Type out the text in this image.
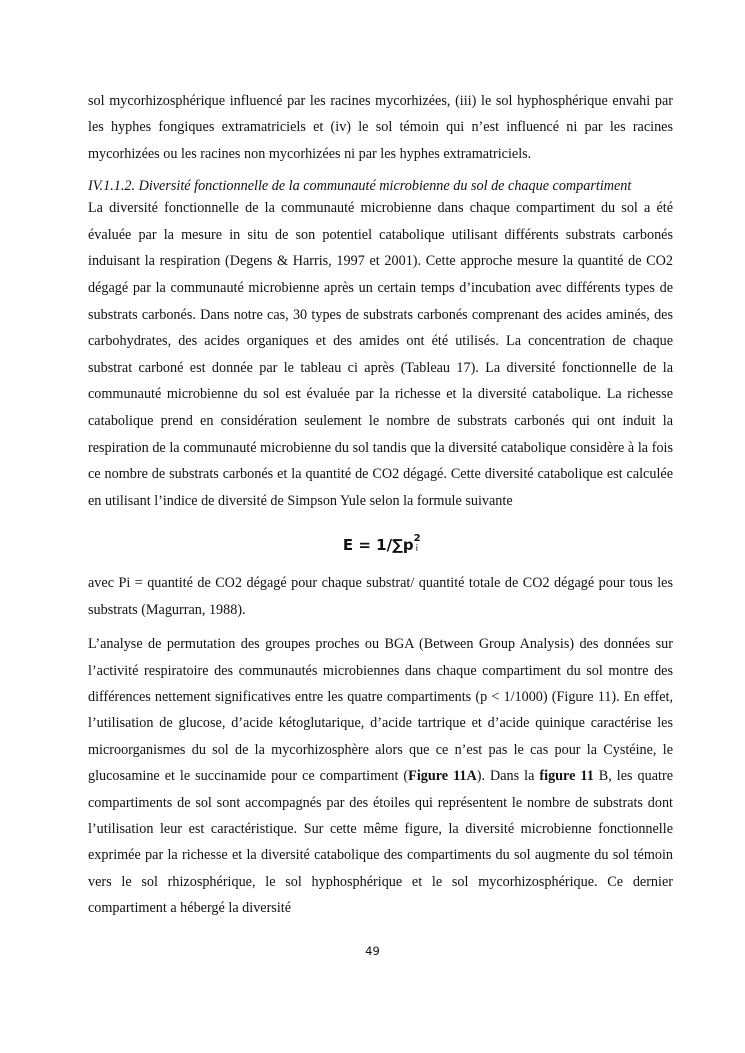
sol mycorhizosphérique influencé par les racines mycorhizées, (iii) le sol hyphosphérique envahi par les hyphes fongiques extramatriciels et (iv) le sol témoin qui n’est influencé ni par les racines mycorhizées ou les racines non mycorhizées ni par les hyphes extramatriciels.

IV.1.1.2. Diversité fonctionnelle de la communauté microbienne du sol de chaque compartiment

La diversité fonctionnelle de la communauté microbienne dans chaque compartiment du sol a été évaluée par la mesure in situ de son potentiel catabolique utilisant différents substrats carbonés induisant la respiration (Degens & Harris, 1997 et 2001). Cette approche mesure la quantité de CO2 dégagé par la communauté microbienne après un certain temps d’incubation avec différents types de substrats carbonés. Dans notre cas, 30 types de substrats carbonés comprenant des acides aminés, des carbohydrates, des acides organiques et des amides ont été utilisés. La concentration de chaque substrat carboné est donnée par le tableau ci après (Tableau 17). La diversité fonctionnelle de la communauté microbienne du sol est évaluée par la richesse et la diversité catabolique. La richesse catabolique prend en considération seulement le nombre de substrats carbonés qui ont induit la respiration de la communauté microbienne du sol tandis que la diversité catabolique considère à la fois ce nombre de substrats carbonés et la quantité de CO2 dégagé. Cette diversité catabolique est calculée en utilisant l’indice de diversité de Simpson Yule selon la formule suivante

$E = 1/\sum p^2_i$

avec Pi = quantité de CO2 dégagé pour chaque substrat/ quantité totale de CO2 dégagé pour tous les substrats (Magurran, 1988).

L’analyse de permutation des groupes proches ou BGA (Between Group Analysis) des données sur l’activité respiratoire des communautés microbiennes dans chaque compartiment du sol montre des différences nettement significatives entre les quatre compartiments (p < 1/1000) (Figure 11). En effet, l’utilisation de glucose, d’acide kétoglutarique, d’acide tartrique et d’acide quinique caractérise les microorganismes du sol de la mycorhizosphère alors que ce n’est pas le cas pour la Cystéine, le glucosamine et le succinamide pour ce compartiment (Figure 11A). Dans la figure 11 B, les quatre compartiments de sol sont accompagnés par des étoiles qui représentent le nombre de substrats dont l’utilisation leur est caractéristique. Sur cette même figure, la diversité microbienne fonctionnelle exprimée par la richesse et la diversité catabolique des compartiments du sol augmente du sol témoin vers le sol rhizosphérique, le sol hyphosphérique et le sol mycorhizosphérique. Ce dernier compartiment a hébergé la diversité

49
